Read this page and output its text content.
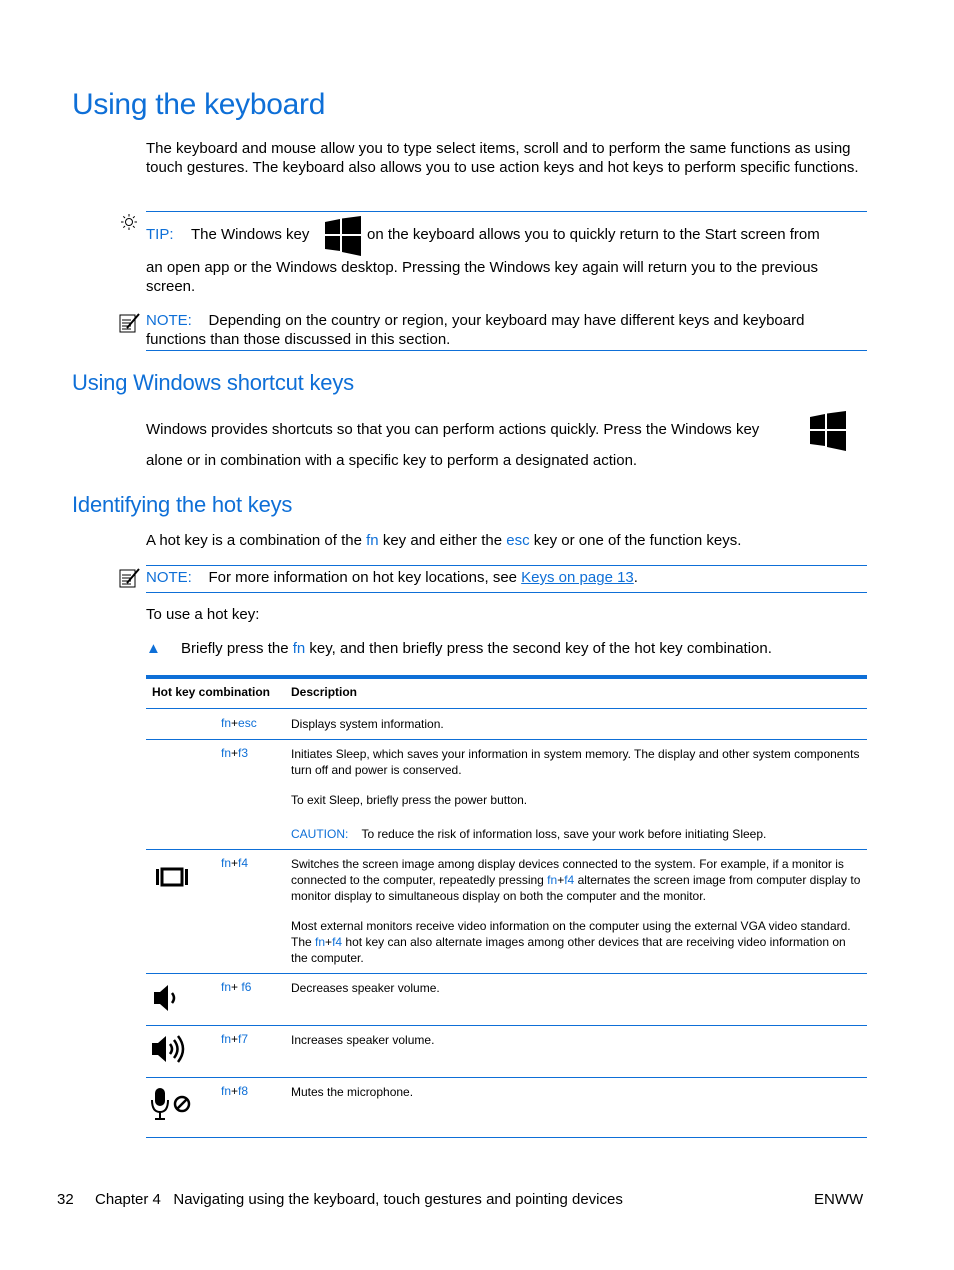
Using the keyboard

The keyboard and mouse allow you to type select items, scroll and to perform the same functions as using touch gestures. The keyboard also allows you to use action keys and hot keys to perform specific functions.

TIP: The Windows key	on the keyboard allows you to quickly return to the Start screen from

an open app or the Windows desktop. Pressing the Windows key again will return you to the previous screen.

NOTE: Depending on the country or region, your keyboard may have different keys and keyboard functions than those discussed in this section.

Using Windows shortcut keys
Windows provides shortcuts so that you can perform actions quickly. Press the Windows key
alone or in combination with a specific key to perform a designated action.
Identifying the hot keys

A hot key is a combination of the fn key and either the esc key or one of the function keys.

NOTE: For more information on hot key locations, see Keys on page 13.

To use a hot key:
▲ Briefly press the fn key, and then briefly press the second key of the hot key combination.
Hot key combination Description
fn+esc	Displays system information.

fn+f3	Initiates Sleep, which saves your information in system memory. The display and other system components turn off and power is conserved.

To exit Sleep, briefly press the power button.

CAUTION: To reduce the risk of information loss, save your work before initiating Sleep.

fn+f4	Switches the screen image among display devices connected to the system. For example, if a monitor is connected to the computer, repeatedly pressing fn+f4 alternates the screen image from computer display to monitor display to simultaneous display on both the computer and the monitor.

Most external monitors receive video information on the computer using the external VGA video standard. The fn+f4 hot key can also alternate images among other devices that are receiving video information on the computer.

fn+ f6	Decreases speaker volume.

fn+f7	Increases speaker volume.

fn+f8	Mutes the microphone.

32 Chapter 4   Navigating using the keyboard, touch gestures and pointing devices	ENWW
